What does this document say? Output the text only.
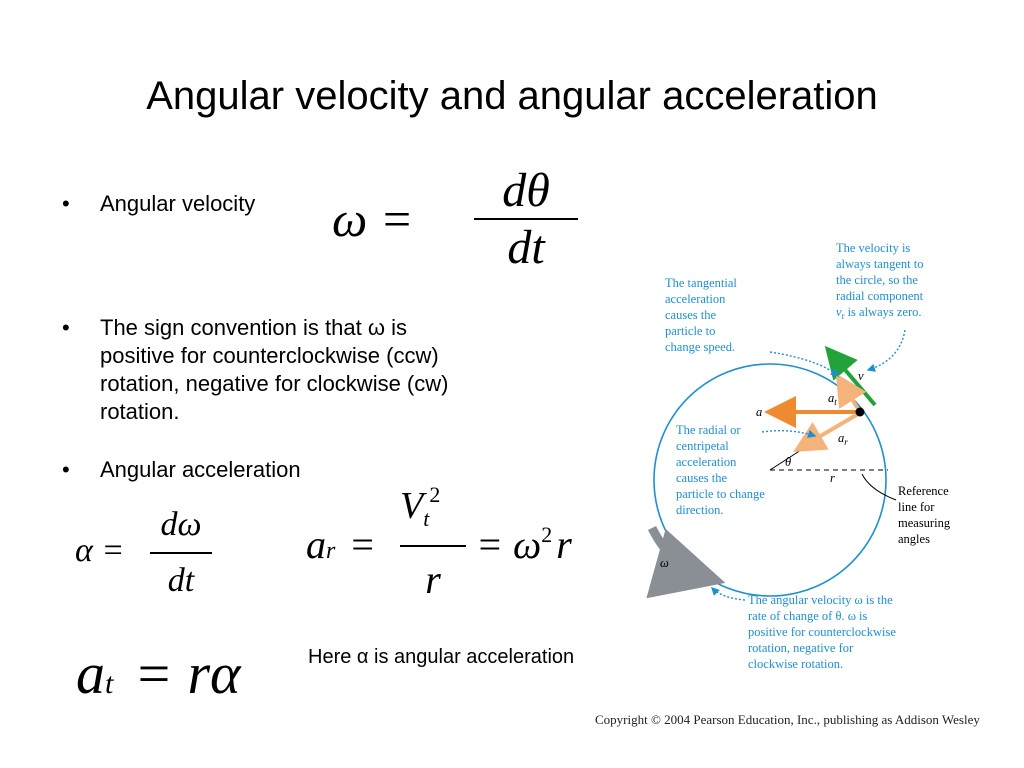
Angular velocity and angular acceleration
• Angular velocity ω =
dθ
dt
• The sign convention is that ω is
positive for counterclockwise (ccw)
rotation, negative for clockwise (cw)
rotation.
• Angular acceleration
α =
dω
dt
ar =
$V_t^2$
r
= $\omega^2$ r
at = rα	Here α is angular acceleration
The velocity is always tangent to the circle, so the radial component $v_r$ is always zero.
The tangential acceleration causes the particle to change speed.
The radial or centripetal acceleration causes the particle to change direction.
Reference line for measuring angles
The angular velocity ω is the rate of change of θ. ω is positive for counterclockwise rotation, negative for clockwise rotation.
v
a
$a_t$
$a_r$
θ
r
ω
Copyright © 2004 Pearson Education, Inc., publishing as Addison Wesley
